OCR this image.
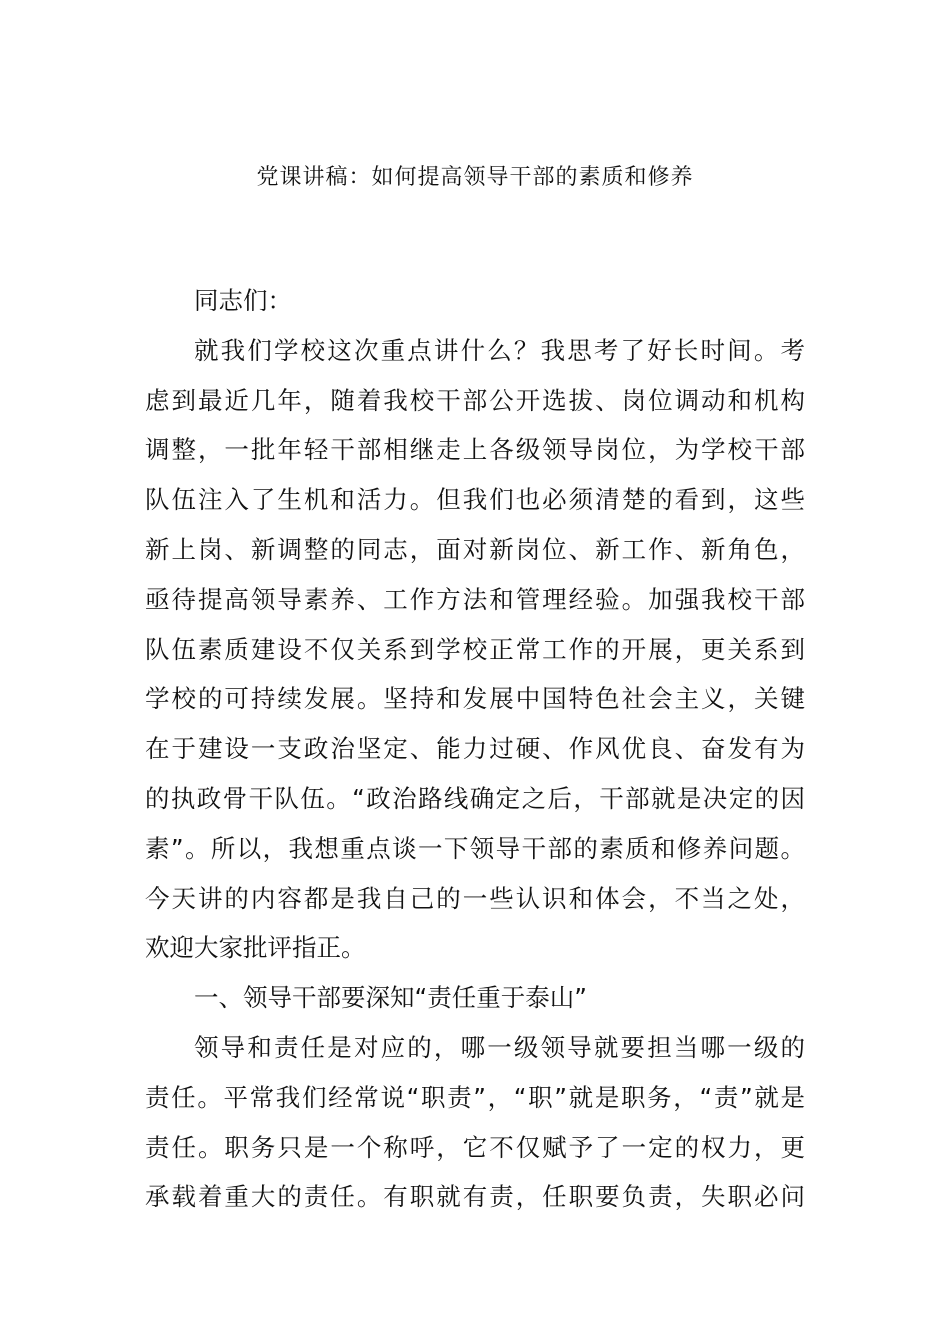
党课讲稿：如何提高领导干部的素质和修养
同志们：
就我们学校这次重点讲什么？我思考了好长时间。考
虑到最近几年，随着我校干部公开选拔、岗位调动和机构
调整，一批年轻干部相继走上各级领导岗位，为学校干部
队伍注入了生机和活力。但我们也必须清楚的看到，这些
新上岗、新调整的同志，面对新岗位、新工作、新角色，
亟待提高领导素养、工作方法和管理经验。加强我校干部
队伍素质建设不仅关系到学校正常工作的开展，更关系到
学校的可持续发展。坚持和发展中国特色社会主义，关键
在于建设一支政治坚定、能力过硬、作风优良、奋发有为
的执政骨干队伍。“政治路线确定之后，干部就是决定的因
素”。所以，我想重点谈一下领导干部的素质和修养问题。
今天讲的内容都是我自己的一些认识和体会，不当之处，
欢迎大家批评指正。
一、领导干部要深知“责任重于泰山”
领导和责任是对应的，哪一级领导就要担当哪一级的
责任。平常我们经常说“职责”，“职”就是职务，“责”就是
责任。职务只是一个称呼，它不仅赋予了一定的权力，更
承载着重大的责任。有职就有责，任职要负责，失职必问
